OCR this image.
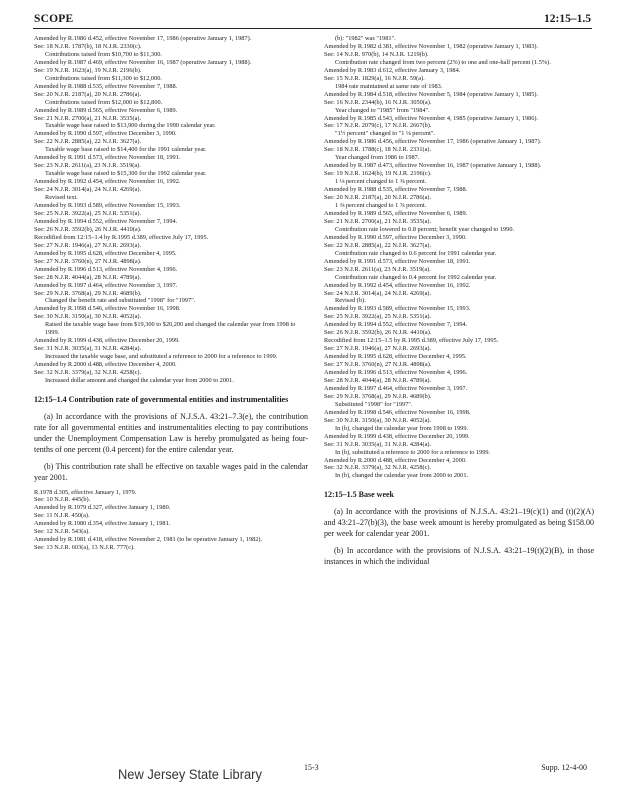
SCOPE	12:15–1.5
Amended by R.1986 d.452, effective November 17, 1986 (operative January 1, 1987).
See: 18 N.J.R. 1787(b), 18 N.J.R. 2330(c).
Contributions raised from $10,700 to $11,300.
Amended by R.1987 d.469, effective November 16, 1987 (operative January 1, 1988).
See: 19 N.J.R. 1623(a), 19 N.J.R. 2196(b).
Contributions raised from $11,300 to $12,000.
Amended by R.1988 d.535, effective November 7, 1988.
See: 20 N.J.R. 2187(a), 20 N.J.R. 2786(a).
Contributions raised from $12,000 to $12,800.
Amended by R.1989 d.565, effective November 6, 1989.
See: 21 N.J.R. 2700(a), 21 N.J.R. 3535(a).
Taxable wage base raised to $13,900 during the 1990 calendar year.
Amended by R.1990 d.597, effective December 3, 1990.
See: 22 N.J.R. 2885(a), 22 N.J.R. 3627(a).
Taxable wage base raised to $14,400 for the 1991 calendar year.
Amended by R.1991 d.573, effective November 18, 1991.
See: 23 N.J.R. 2611(a), 23 N.J.R. 3519(a).
Taxable wage base raised to $15,300 for the 1992 calendar year.
Amended by R.1992 d.454, effective November 16, 1992.
See: 24 N.J.R. 3014(a), 24 N.J.R. 4269(a).
Revised text.
Amended by R.1993 d.589, effective November 15, 1993.
See: 25 N.J.R. 3922(a), 25 N.J.R. 5351(a).
Amended by R.1994 d.552, effective November 7, 1994.
See: 26 N.J.R. 3592(b), 26 N.J.R. 4410(a).
Recodified from 12:15–1.4 by R.1995 d.389, effective July 17, 1995.
See: 27 N.J.R. 1946(a), 27 N.J.R. 2693(a).
Amended by R.1995 d.628, effective December 4, 1995.
See: 27 N.J.R. 3760(n), 27 N.J.R. 4898(a).
Amended by R.1996 d.513, effective November 4, 1996.
See: 28 N.J.R. 4044(a), 28 N.J.R. 4789(a).
Amended by R.1997 d.464, effective November 3, 1997.
See: 29 N.J.R. 3768(a), 29 N.J.R. 4689(b).
Changed the benefit rate and substituted "1998" for "1997".
Amended by R.1998 d.546, effective November 16, 1998.
See: 30 N.J.R. 3150(a), 30 N.J.R. 4052(a).
Raised the taxable wage base from $19,300 to $20,200 and changed the calendar year from 1998 to 1999.
Amended by R.1999 d.438, effective December 20, 1999.
See: 31 N.J.R. 3035(a), 31 N.J.R. 4284(a).
Increased the taxable wage base, and substituted a reference to 2000 for a reference to 1999.
Amended by R.2000 d.488, effective December 4, 2000.
See: 32 N.J.R. 3379(a), 32 N.J.R. 4258(c).
Increased dollar amount and changed the calendar year from 2000 to 2001.
12:15–1.4 Contribution rate of governmental entities and instrumentalities
(a) In accordance with the provisions of N.J.S.A. 43:21–7.3(e), the contribution rate for all governmental entities and instrumentalities electing to pay contributions under the Unemployment Compensation Law is hereby promulgated as being four-tenths of one percent (0.4 percent) for the entire calendar year.
(b) This contribution rate shall be effective on taxable wages paid in the calendar year 2001.
R.1978 d.305, effective January 1, 1979.
See: 10 N.J.R. 445(b).
Amended by R.1979 d.327, effective January 1, 1980.
See: 11 N.J.R. 450(a).
Amended by R.1980 d.354, effective January 1, 1981.
See: 12 N.J.R. 543(a).
Amended by R.1981 d.418, effective November 2, 1981 (to be operative January 1, 1982).
See: 13 N.J.R. 603(a), 13 N.J.R. 777(c).
(b): "1982" was "1981".
Amended by R.1982 d.381, effective November 1, 1982 (operative January 1, 1983).
See: 14 N.J.R. 970(b), 14 N.J.R. 1219(b).
Contribution rate changed from two percent (2%) to one and one-half percent (1.5%).
Amended by R.1983 d.612, effective January 3, 1984.
See: 15 N.J.R. 1829(a), 16 N.J.R. 59(a).
1984 rate maintained at same rate of 1983.
Amended by R.1984 d.518, effective November 5, 1984 (operative January 1, 1985).
See: 16 N.J.R. 2344(b), 16 N.J.R. 3050(a).
Year changed to "1985" from "1984".
Amended by R.1985 d.543, effective November 4, 1985 (operative January 1, 1986).
See: 17 N.J.R. 2079(c), 17 N.J.R. 2667(b).
"1½ percent" changed to "1 ⅛ percent".
Amended by R.1986 d.456, effective November 17, 1986 (operative January 1, 1987).
See: 18 N.J.R. 1788(c), 18 N.J.R. 2331(a).
Year changed from 1986 to 1987.
Amended by R.1987 d.473, effective November 16, 1987 (operative January 1, 1988).
See: 19 N.J.R. 1624(b), 19 N.J.R. 2196(c).
1 ⅛ percent changed to 1 ⅜ percent.
Amended by R.1988 d.535, effective November 7, 1988.
See: 20 N.J.R. 2187(a), 20 N.J.R. 2786(a).
1 ⅜ percent changed to 1 ⅞ percent.
Amended by R.1989 d.565, effective November 6, 1989.
See: 21 N.J.R. 2700(a), 21 N.J.R. 3535(a).
Contribution rate lowered to 0.8 percent; benefit year changed to 1990.
Amended by R.1990 d.597, effective December 3, 1990.
See: 22 N.J.R. 2885(a), 22 N.J.R. 3627(a).
Contribution rate changed to 0.6 percent for 1991 calendar year.
Amended by R.1991 d.573, effective November 18, 1991.
See: 23 N.J.R. 2611(a), 23 N.J.R. 3519(a).
Contribution rate changed to 0.4 percent for 1992 calendar year.
Amended by R.1992 d.454, effective November 16, 1992.
See: 24 N.J.R. 3014(a), 24 N.J.R. 4269(a).
Revised (b).
Amended by R.1993 d.589, effective November 15, 1993.
See: 25 N.J.R. 3922(a), 25 N.J.R. 5351(a).
Amended by R.1994 d.552, effective November 7, 1994.
See: 26 N.J.R. 3592(b), 26 N.J.R. 4410(a).
Recodified from 12:15–1.5 by R.1995 d.389, effective July 17, 1995.
See: 27 N.J.R. 1946(a), 27 N.J.R. 2693(a).
Amended by R.1995 d.628, effective December 4, 1995.
See: 27 N.J.R. 3760(n), 27 N.J.R. 4898(a).
Amended by R.1996 d.513, effective November 4, 1996.
See: 28 N.J.R. 4044(a), 28 N.J.R. 4789(a).
Amended by R.1997 d.464, effective November 3, 1997.
See: 29 N.J.R. 3768(a), 29 N.J.R. 4689(b).
Substituted "1998" for "1997".
Amended by R.1998 d.546, effective November 16, 1998.
See: 30 N.J.R. 3150(a), 30 N.J.R. 4052(a).
In (b), changed the calendar year from 1998 to 1999.
Amended by R.1999 d.438, effective December 20, 1999.
See: 31 N.J.R. 3035(a), 31 N.J.R. 4284(a).
In (b), substituted a reference to 2000 for a reference to 1999.
Amended by R.2000 d.488, effective December 4, 2000.
See: 32 N.J.R. 3379(a), 32 N.J.R. 4258(c).
In (b), changed the calendar year from 2000 to 2001.
12:15–1.5 Base week
(a) In accordance with the provisions of N.J.S.A. 43:21–19(c)(1) and (t)(2)(A) and 43:21–27(b)(3), the base week amount is hereby promulgated as being $158.00 per week for calendar year 2001.
(b) In accordance with the provisions of N.J.S.A. 43:21–19(t)(2)(B), in those instances in which the individual
New Jersey State Library	15-3	Supp. 12-4-00
